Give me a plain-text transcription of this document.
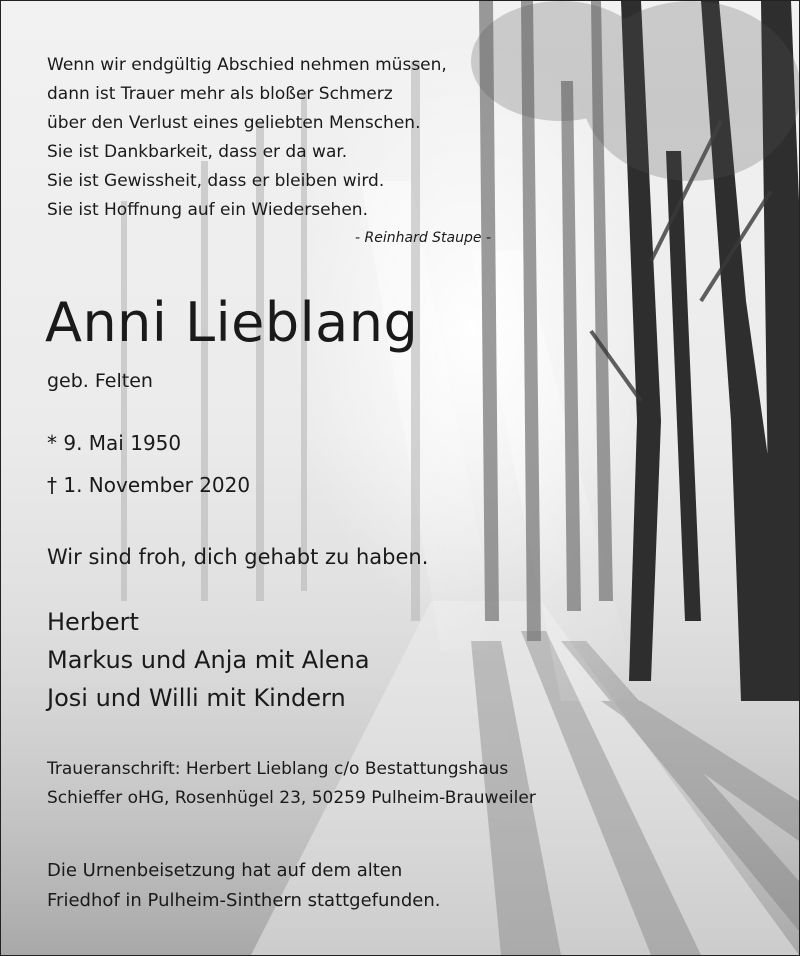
Wenn wir endgültig Abschied nehmen müssen,
dann ist Trauer mehr als bloßer Schmerz
über den Verlust eines geliebten Menschen.
Sie ist Dankbarkeit, dass er da war.
Sie ist Gewissheit, dass er bleiben wird.
Sie ist Hoffnung auf ein Wiedersehen.
- Reinhard Staupe -
Anni Lieblang
geb. Felten
* 9. Mai 1950
† 1. November 2020
Wir sind froh, dich gehabt zu haben.
Herbert
Markus und Anja mit Alena
Josi und Willi mit Kindern
Traueranschrift: Herbert Lieblang c/o Bestattungshaus
Schieffer oHG, Rosenhügel 23, 50259 Pulheim-Brauweiler
Die Urnenbeisetzung hat auf dem alten
Friedhof in Pulheim-Sinthern stattgefunden.
